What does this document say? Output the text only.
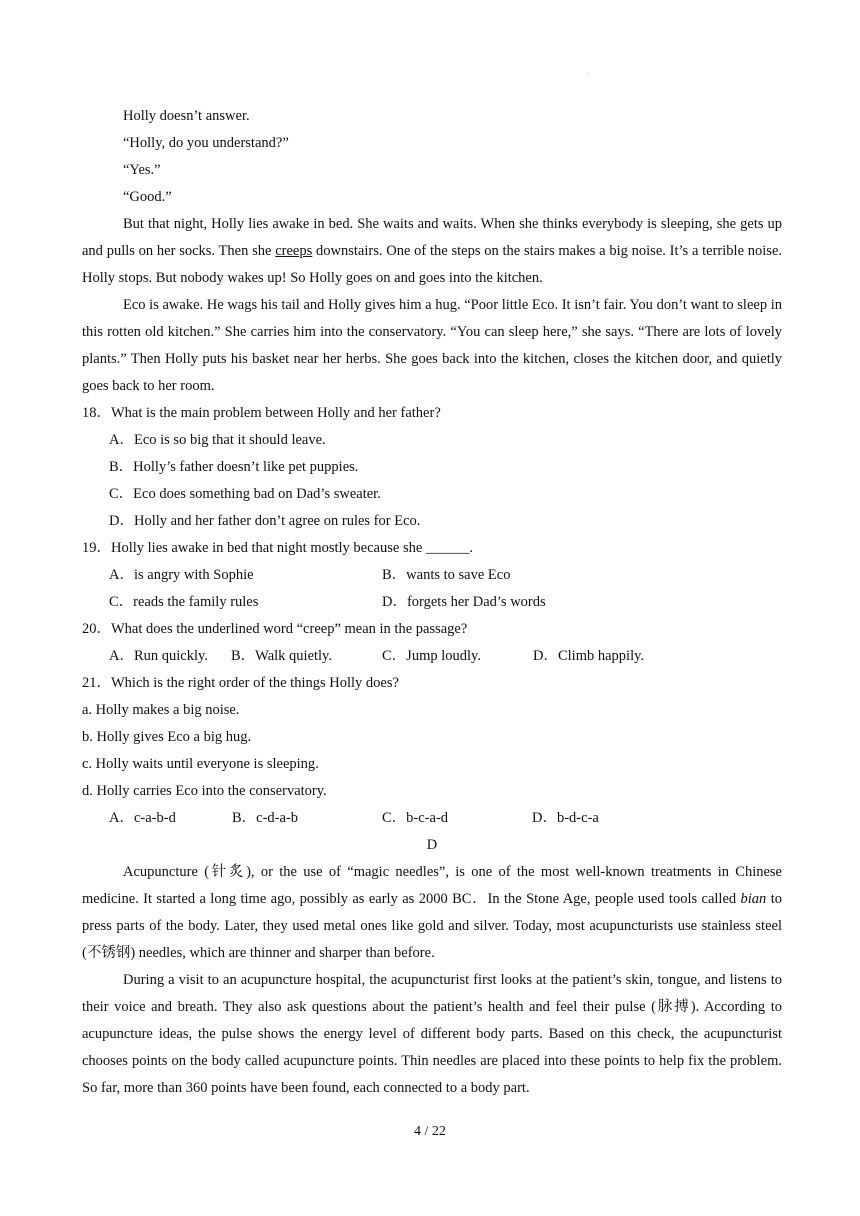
:
Holly doesn’t answer.
“Holly, do you understand?”
“Yes.”
“Good.”
But that night, Holly lies awake in bed. She waits and waits. When she thinks everybody is sleeping, she gets up and pulls on her socks. Then she creeps downstairs. One of the steps on the stairs makes a big noise. It’s a terrible noise. Holly stops. But nobody wakes up! So Holly goes on and goes into the kitchen.
Eco is awake. He wags his tail and Holly gives him a hug. “Poor little Eco. It isn’t fair. You don’t want to sleep in this rotten old kitchen.” She carries him into the conservatory. “You can sleep here,” she says. “There are lots of lovely plants.” Then Holly puts his basket near her herbs. She goes back into the kitchen, closes the kitchen door, and quietly goes back to her room.
18．What is the main problem between Holly and her father?
A．Eco is so big that it should leave.
B．Holly’s father doesn’t like pet puppies.
C．Eco does something bad on Dad’s sweater.
D．Holly and her father don’t agree on rules for Eco.
19．Holly lies awake in bed that night mostly because she ______.
A．is angry with Sophie	B．wants to save Eco
C．reads the family rules	D．forgets her Dad’s words
20．What does the underlined word “creep” mean in the passage?
A．Run quickly.	B．Walk quietly.	C．Jump loudly.	D．Climb happily.
21．Which is the right order of the things Holly does?
a. Holly makes a big noise.
b. Holly gives Eco a big hug.
c. Holly waits until everyone is sleeping.
d. Holly carries Eco into the conservatory.
A．c-a-b-d	B．c-d-a-b	C．b-c-a-d	D．b-d-c-a
D
Acupuncture (针炙), or the use of “magic needles”, is one of the most well-known treatments in Chinese medicine. It started a long time ago, possibly as early as 2000 BC．In the Stone Age, people used tools called bian to press parts of the body. Later, they used metal ones like gold and silver. Today, most acupuncturists use stainless steel (不锈钢) needles, which are thinner and sharper than before.
During a visit to an acupuncture hospital, the acupuncturist first looks at the patient’s skin, tongue, and listens to their voice and breath. They also ask questions about the patient’s health and feel their pulse (脉搏). According to acupuncture ideas, the pulse shows the energy level of different body parts. Based on this check, the acupuncturist chooses points on the body called acupuncture points. Thin needles are placed into these points to help fix the problem. So far, more than 360 points have been found, each connected to a body part.
4 / 22
